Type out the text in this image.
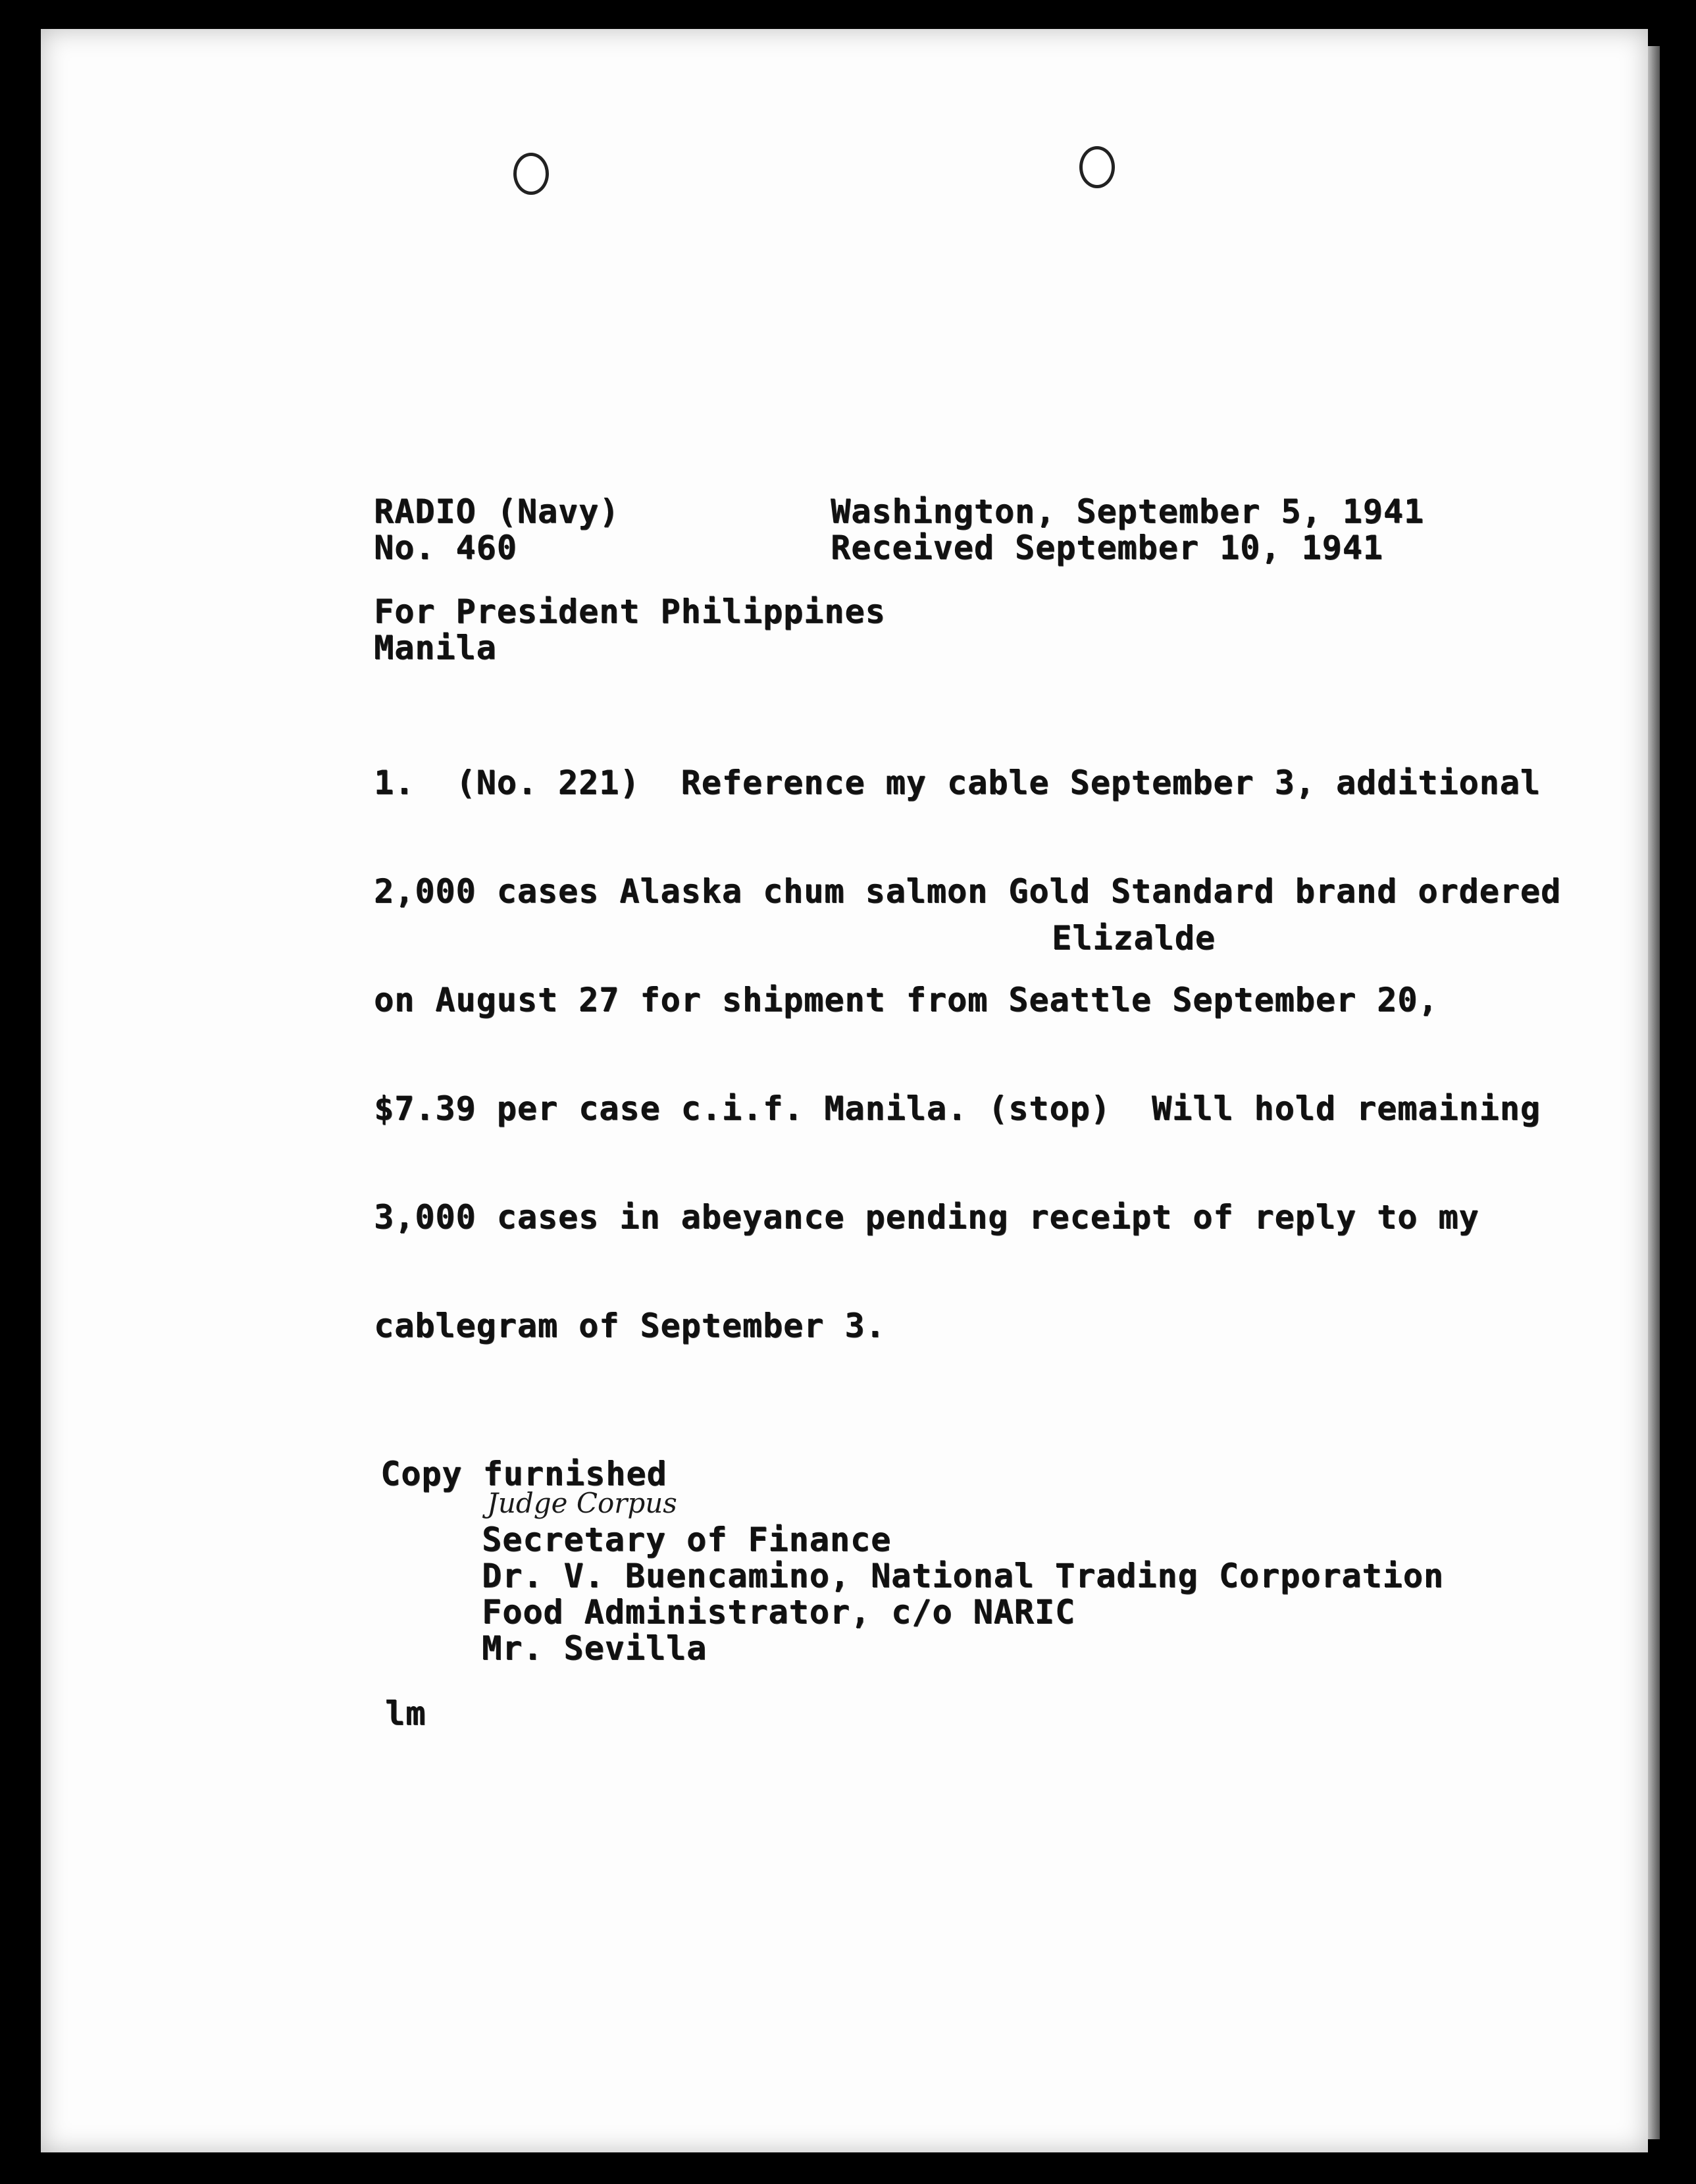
RADIO (Navy)
No. 460
Washington, September 5, 1941
Received September 10, 1941
For President Philippines
Manila

1.  (No. 221)  Reference my cable September 3, additional

2,000 cases Alaska chum salmon Gold Standard brand ordered

on August 27 for shipment from Seattle September 20,

$7.39 per case c.i.f. Manila. (stop)  Will hold remaining

3,000 cases in abeyance pending receipt of reply to my

cablegram of September 3.

Elizalde
Copy furnished
Judge Corpus
Secretary of Finance
Dr. V. Buencamino, National Trading Corporation
Food Administrator, c/o NARIC
Mr. Sevilla
lm
